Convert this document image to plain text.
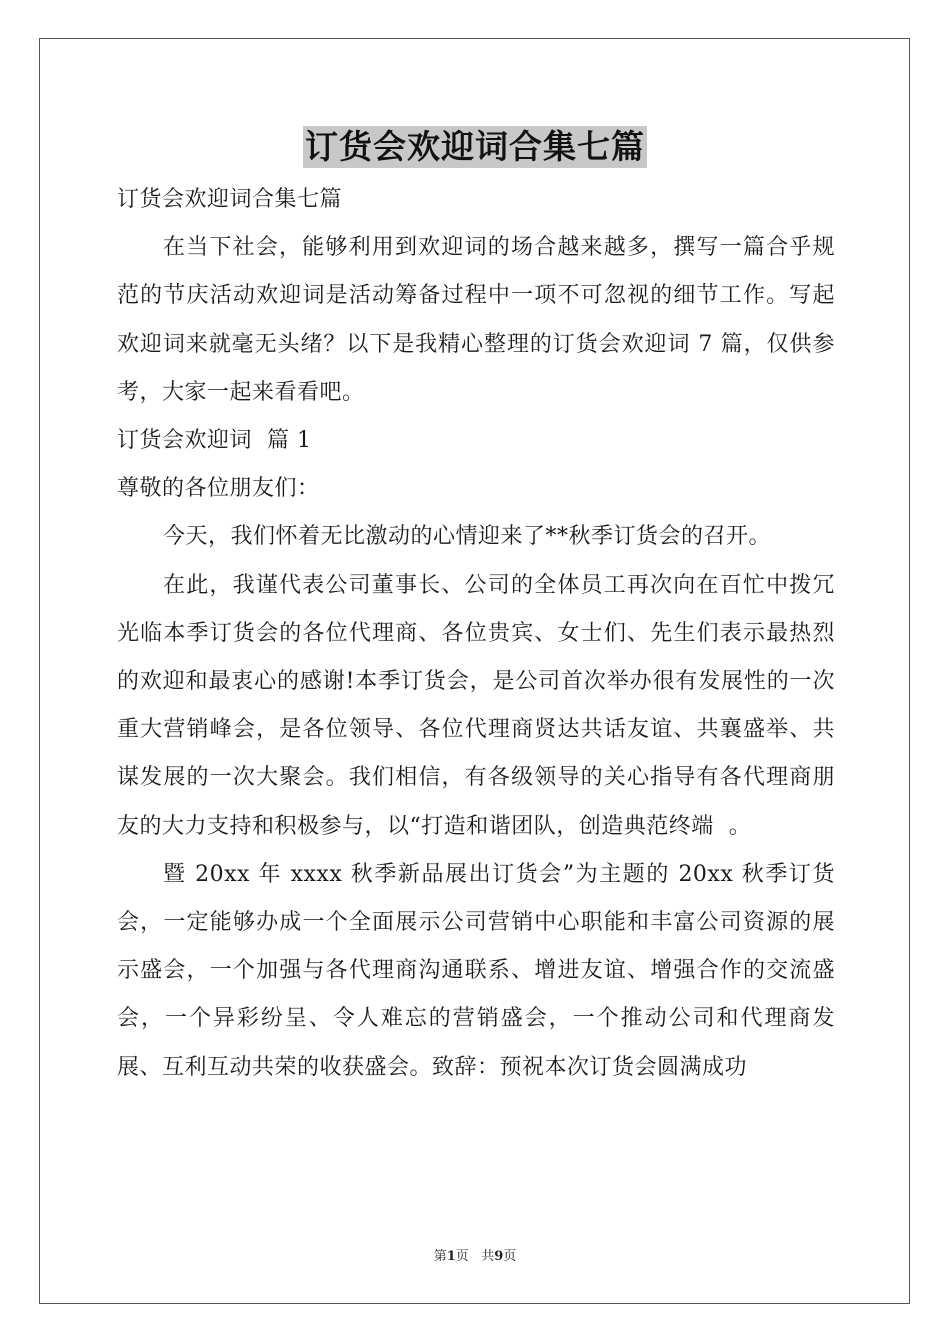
订货会欢迎词合集七篇

订货会欢迎词合集七篇

在当下社会，能够利用到欢迎词的场合越来越多，撰写一篇合乎规范的节庆活动欢迎词是活动筹备过程中一项不可忽视的细节工作。写起欢迎词来就毫无头绪？以下是我精心整理的订货会欢迎词 7 篇，仅供参考，大家一起来看看吧。

订货会欢迎词  篇 1

尊敬的各位朋友们：

今天，我们怀着无比激动的心情迎来了**秋季订货会的召开。

在此，我谨代表公司董事长、公司的全体员工再次向在百忙中拨冗光临本季订货会的各位代理商、各位贵宾、女士们、先生们表示最热烈的欢迎和最衷心的感谢!本季订货会，是公司首次举办很有发展性的一次重大营销峰会，是各位领导、各位代理商贤达共话友谊、共襄盛举、共谋发展的一次大聚会。我们相信，有各级领导的关心指导有各代理商朋友的大力支持和积极参与，以“打造和谐团队，创造典范终端  。

暨 20xx 年 xxxx 秋季新品展出订货会”为主题的 20xx 秋季订货会，一定能够办成一个全面展示公司营销中心职能和丰富公司资源的展示盛会，一个加强与各代理商沟通联系、增进友谊、增强合作的交流盛会，一个异彩纷呈、令人难忘的营销盛会，一个推动公司和代理商发展、互利互动共荣的收获盛会。致辞：预祝本次订货会圆满成功

第1页   共9页
